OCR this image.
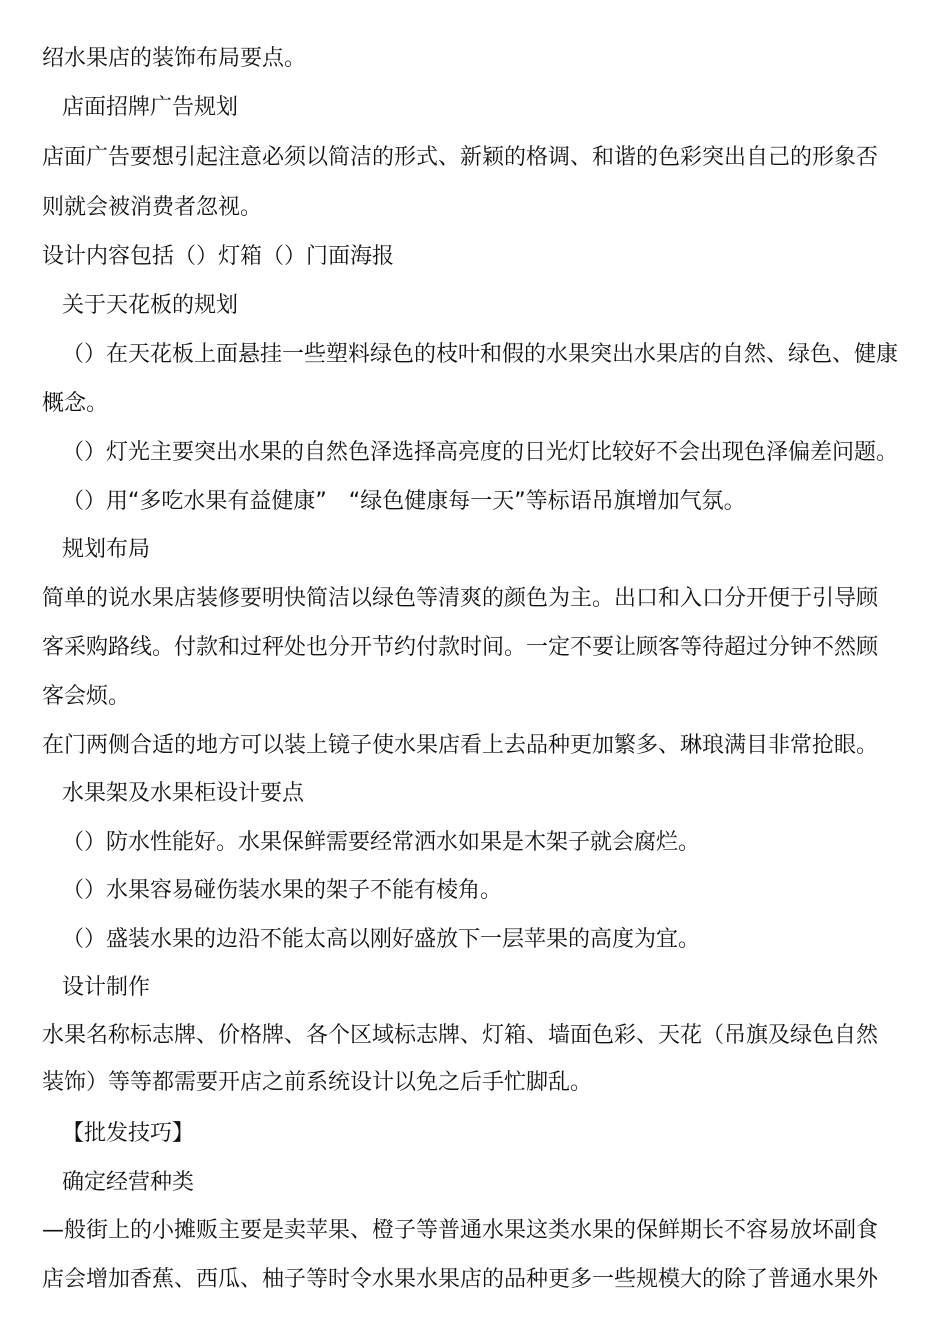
绍水果店的装饰布局要点。
店面招牌广告规划
店面广告要想引起注意必须以简洁的形式、新颖的格调、和谐的色彩突出自己的形象否
则就会被消费者忽视。
设计内容包括（）灯箱（）门面海报
关于天花板的规划
（）在天花板上面悬挂一些塑料绿色的枝叶和假的水果突出水果店的自然、绿色、健康
概念。
（）灯光主要突出水果的自然色泽选择高亮度的日光灯比较好不会出现色泽偏差问题。
（）用“多吃水果有益健康”　“绿色健康每一天”等标语吊旗增加气氛。
规划布局
简单的说水果店装修要明快简洁以绿色等清爽的颜色为主。出口和入口分开便于引导顾
客采购路线。付款和过秤处也分开节约付款时间。一定不要让顾客等待超过分钟不然顾
客会烦。
在门两侧合适的地方可以装上镜子使水果店看上去品种更加繁多、琳琅满目非常抢眼。
水果架及水果柜设计要点
（）防水性能好。水果保鲜需要经常洒水如果是木架子就会腐烂。
（）水果容易碰伤装水果的架子不能有棱角。
（）盛装水果的边沿不能太高以刚好盛放下一层苹果的高度为宜。
设计制作
水果名称标志牌、价格牌、各个区域标志牌、灯箱、墙面色彩、天花（吊旗及绿色自然
装饰）等等都需要开店之前系统设计以免之后手忙脚乱。
【批发技巧】
确定经营种类
—般街上的小摊贩主要是卖苹果、橙子等普通水果这类水果的保鲜期长不容易放坏副食
店会增加香蕉、西瓜、柚子等时令水果水果店的品种更多一些规模大的除了普通水果外
